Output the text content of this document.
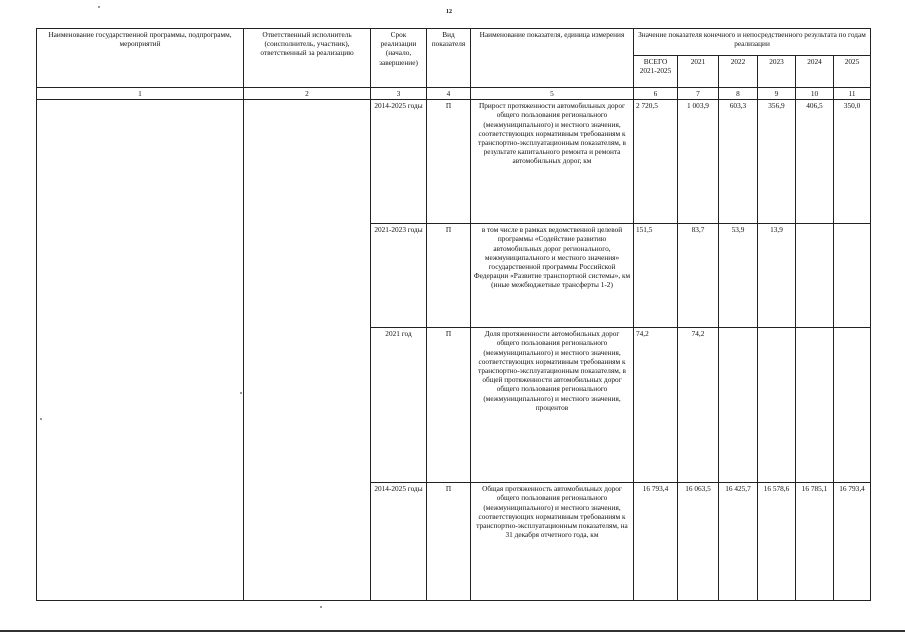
12
Наименование государственной программы, подпрограмм, мероприятий	Ответственный исполнитель (соисполнитель, участник), ответственный за реализацию	Срок реализации (начало, завершение)	Вид показателя	Наименование показателя, единица измерения	Значение показателя конечного и непосредственного результата по годам реализации					
					ВСЕГО 2021-2025	2021	2022	2023	2024	2025
1	2	3	4	5	6	7	8	9	10	11
		2014-2025 годы	П	Прирост протяженности автомобильных дорог общего пользования регионального (межмуниципального) и местного значения, соответствующих нормативным требованиям к транспортно-эксплуатационным показателям, в результате капитального ремонта и ремонта автомобильных дорог, км	2 720,5	1 003,9	603,3	356,9	406,5	350,0
		2021-2023 годы	П	в том числе в рамках ведомственной целевой программы «Содействие развитию автомобильных дорог регионального, межмуниципального и местного значения» государственной программы Российской Федерации «Развитие транспортной системы», км (иные межбюджетные трансферты 1-2)	151,5	83,7	53,9	13,9		
		2021 год	П	Доля протяженности автомобильных дорог общего пользования регионального (межмуниципального) и местного значения, соответствующих нормативным требованиям к транспортно-эксплуатационным показателям, в общей протяженности автомобильных дорог общего пользования регионального (межмуниципального) и местного значения, процентов	74,2	74,2				
		2014-2025 годы	П	Общая протяженность автомобильных дорог общего пользования регионального (межмуниципального) и местного значения, соответствующих нормативным требованиям к транспортно-эксплуатационным показателям, на 31 декабря отчетного года, км	16 793,4	16 063,5	16 425,7	16 578,6	16 785,1	16 793,4
